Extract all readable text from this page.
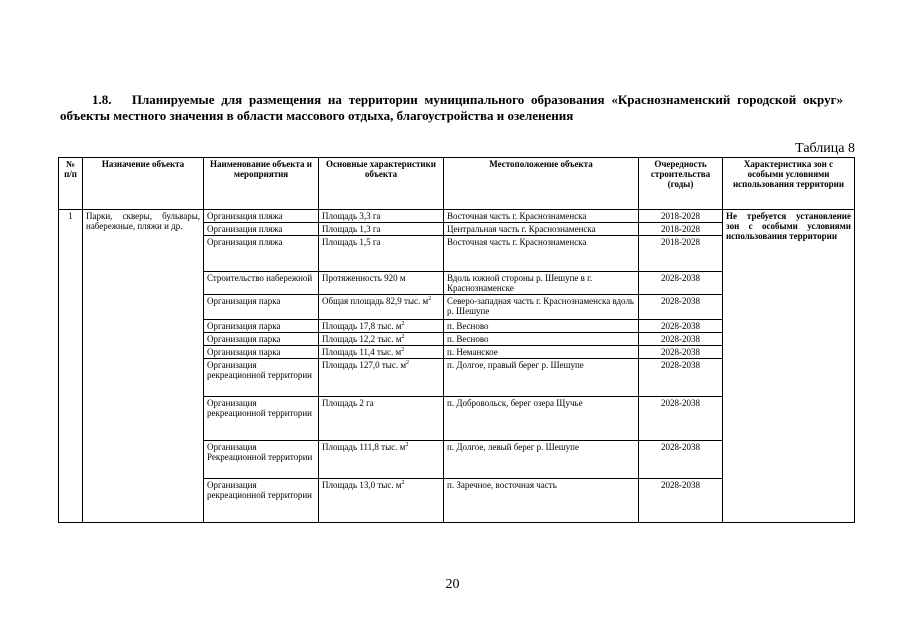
1.8. Планируемые для размещения на территории муниципального образования «Краснознаменский городской округ» объекты местного значения в области массового отдыха, благоустройства и озеленения
Таблица 8
№ п/п	Назначение объекта	Наименование объекта и мероприятия	Основные характеристики объекта	Местоположение объекта	Очередность строительства (годы)	Характеристика зон с особыми условиями использования территории
1	Парки, скверы, бульвары, набережные, пляжи и др.	Организация пляжа	Площадь 3,3 га	Восточная часть г. Краснознаменска	2018-2028	Не требуется установление зон с особыми условиями использования территории
		Организация пляжа	Площадь 1,3 га	Центральная часть г. Краснознаменска	2018-2028	
		Организация пляжа	Площадь 1,5 га	Восточная часть г. Краснознаменска	2018-2028	
		Строительство набережной	Протяженность 920 м	Вдоль южной стороны р. Шешупе в г. Краснознаменске	2028-2038	
		Организация парка	Общая площадь 82,9 тыс. $м^2$	Северо-западная часть г. Краснознаменска вдоль р. Шешупе	2028-2038	
		Организация парка	Площадь 17,8 тыс. $м^2$	п. Весново	2028-2038	
		Организация парка	Площадь 12,2 тыс. $м^2$	п. Весново	2028-2038	
		Организация парка	Площадь 11,4 тыс. $м^2$	п. Неманское	2028-2038	
		Организация рекреационной территории	Площадь 127,0 тыс. $м^2$	п. Долгое, правый берег р. Шешупе	2028-2038	
		Организация рекреационной территории	Площадь 2 га	п. Добровольск, берег озера Щучье	2028-2038	
		Организация Рекреационной территории	Площадь 111,8 тыс. $м^2$	п. Долгое, левый берег р. Шешупе	2028-2038	
		Организация рекреационной территории	Площадь 13,0 тыс. $м^2$	п. Заречное, восточная часть	2028-2038	
20
